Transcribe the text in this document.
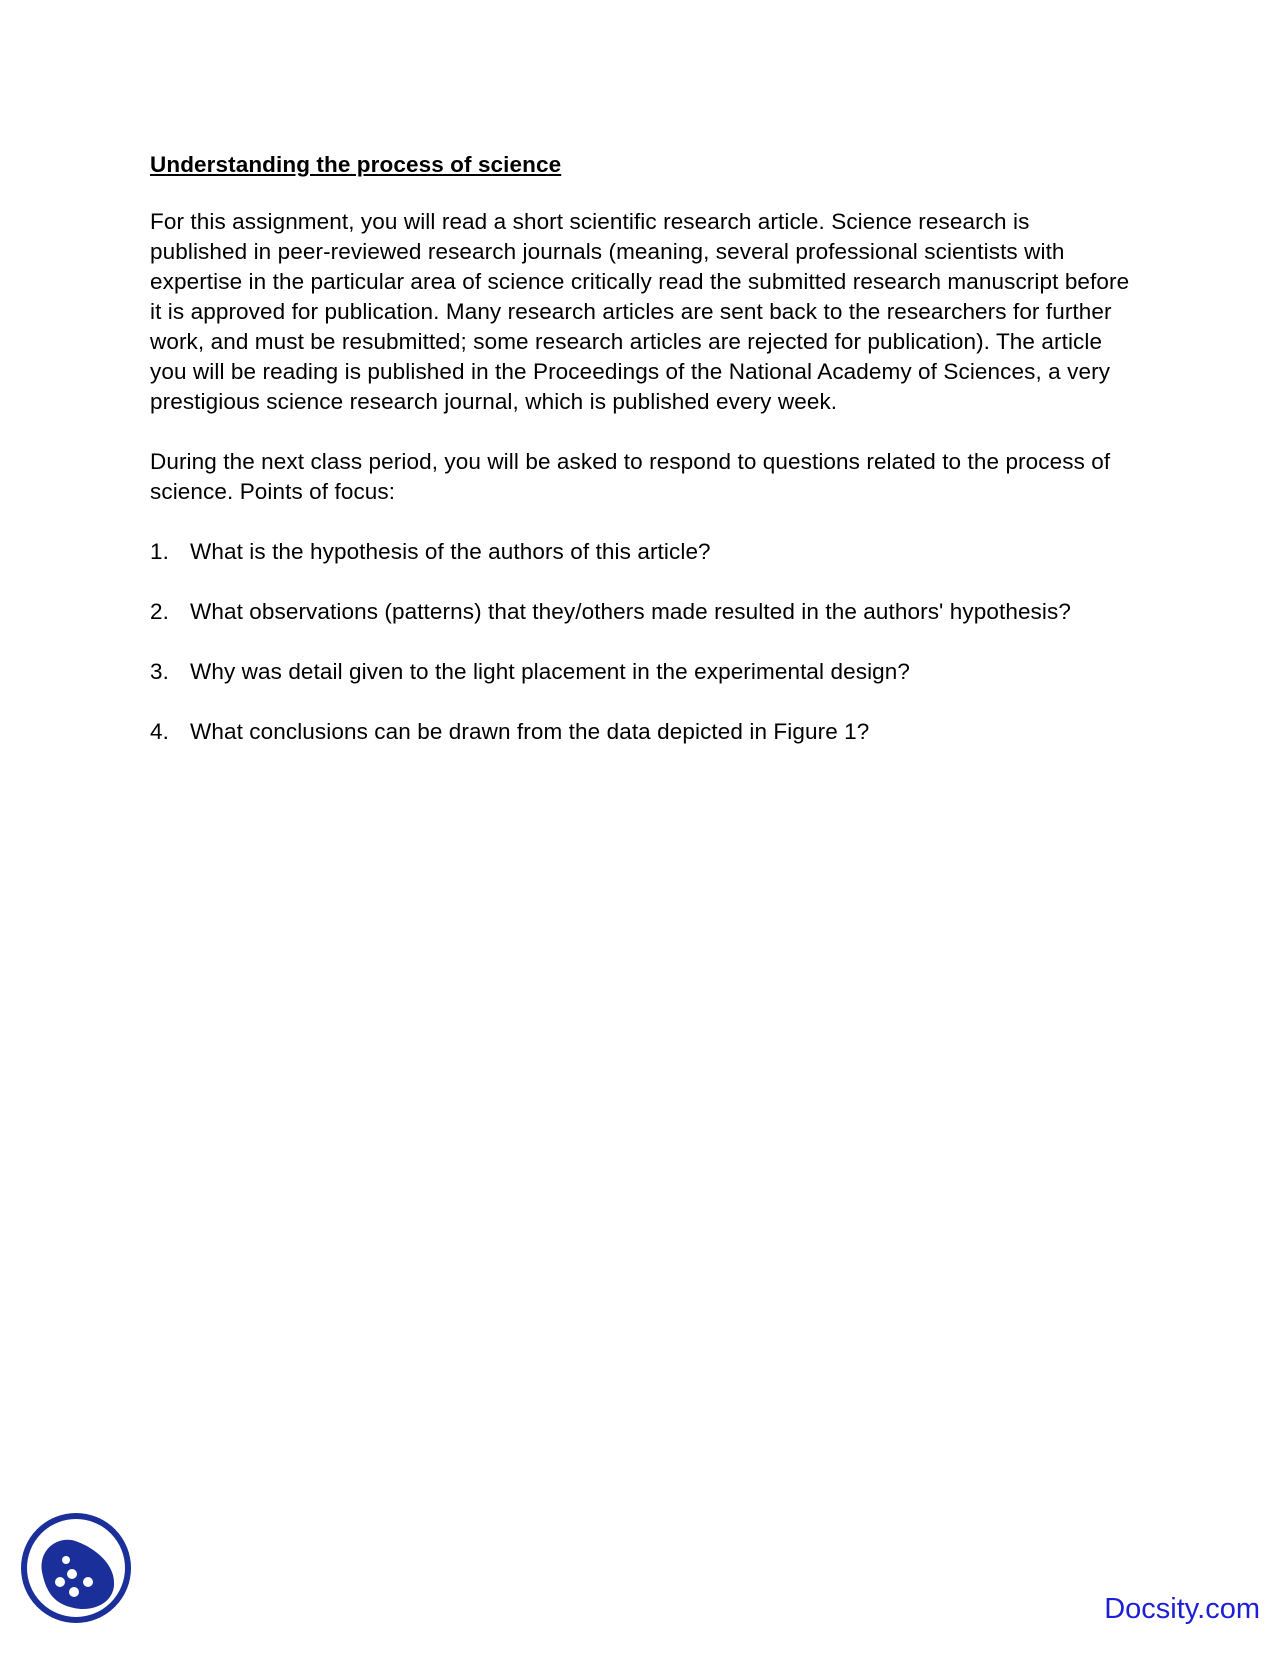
Understanding the process of science

For this assignment, you will read a short scientific research article. Science research is published in peer-reviewed research journals (meaning, several professional scientists with expertise in the particular area of science critically read the submitted research manuscript before it is approved for publication. Many research articles are sent back to the researchers for further work, and must be resubmitted; some research articles are rejected for publication). The article you will be reading is published in the Proceedings of the National Academy of Sciences, a very prestigious science research journal, which is published every week.

During the next class period, you will be asked to respond to questions related to the process of science. Points of focus:

1. What is the hypothesis of the authors of this article?
2. What observations (patterns) that they/others made resulted in the authors' hypothesis?
3. Why was detail given to the light placement in the experimental design?
4. What conclusions can be drawn from the data depicted in Figure 1?
Docsity.com
